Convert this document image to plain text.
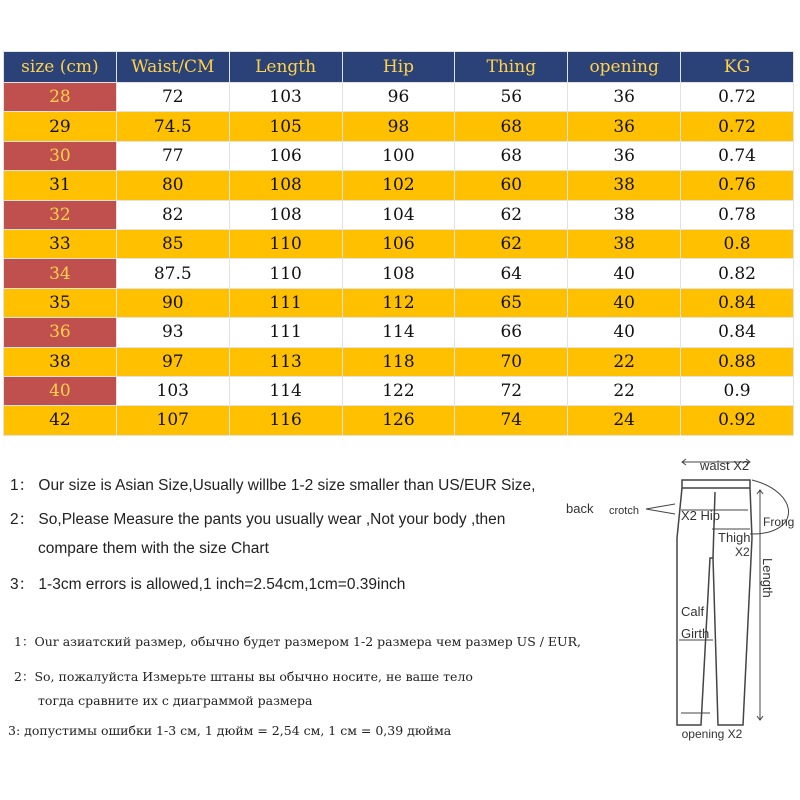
size (cm)	Waist/CM	Length	Hip	Thing	opening	KG
28	72	103	96	56	36	0.72
29	74.5	105	98	68	36	0.72
30	77	106	100	68	36	0.74
31	80	108	102	60	38	0.76
32	82	108	104	62	38	0.78
33	85	110	106	62	38	0.8
34	87.5	110	108	64	40	0.82
35	90	111	112	65	40	0.84
36	93	111	114	66	40	0.84
38	97	113	118	70	22	0.88
40	103	114	122	72	22	0.9
42	107	116	126	74	24	0.92

1： Our size is Asian Size,Usually willbe 1-2 size smaller than US/EUR Size,

2： So,Please Measure the pants you usually wear ,Not your body ,then

compare them with the size Chart

3： 1-3cm errors is allowed,1 inch=2.54cm,1cm=0.39inch

1：Our азиатский размер, обычно будет размером 1-2 размера чем размер US / EUR,

2：So, пожалуйста Измерьте штаны вы обычно носите, не ваше тело

тогда сравните их с диаграммой размера

3: допустимы ошибки 1-3 см, 1 дюйм = 2,54 см, 1 см = 0,39 дюйма

waist X2
back crotch	X2 Hip	Frong
Thigh
X2
Length
Calf
Girth
opening X2
